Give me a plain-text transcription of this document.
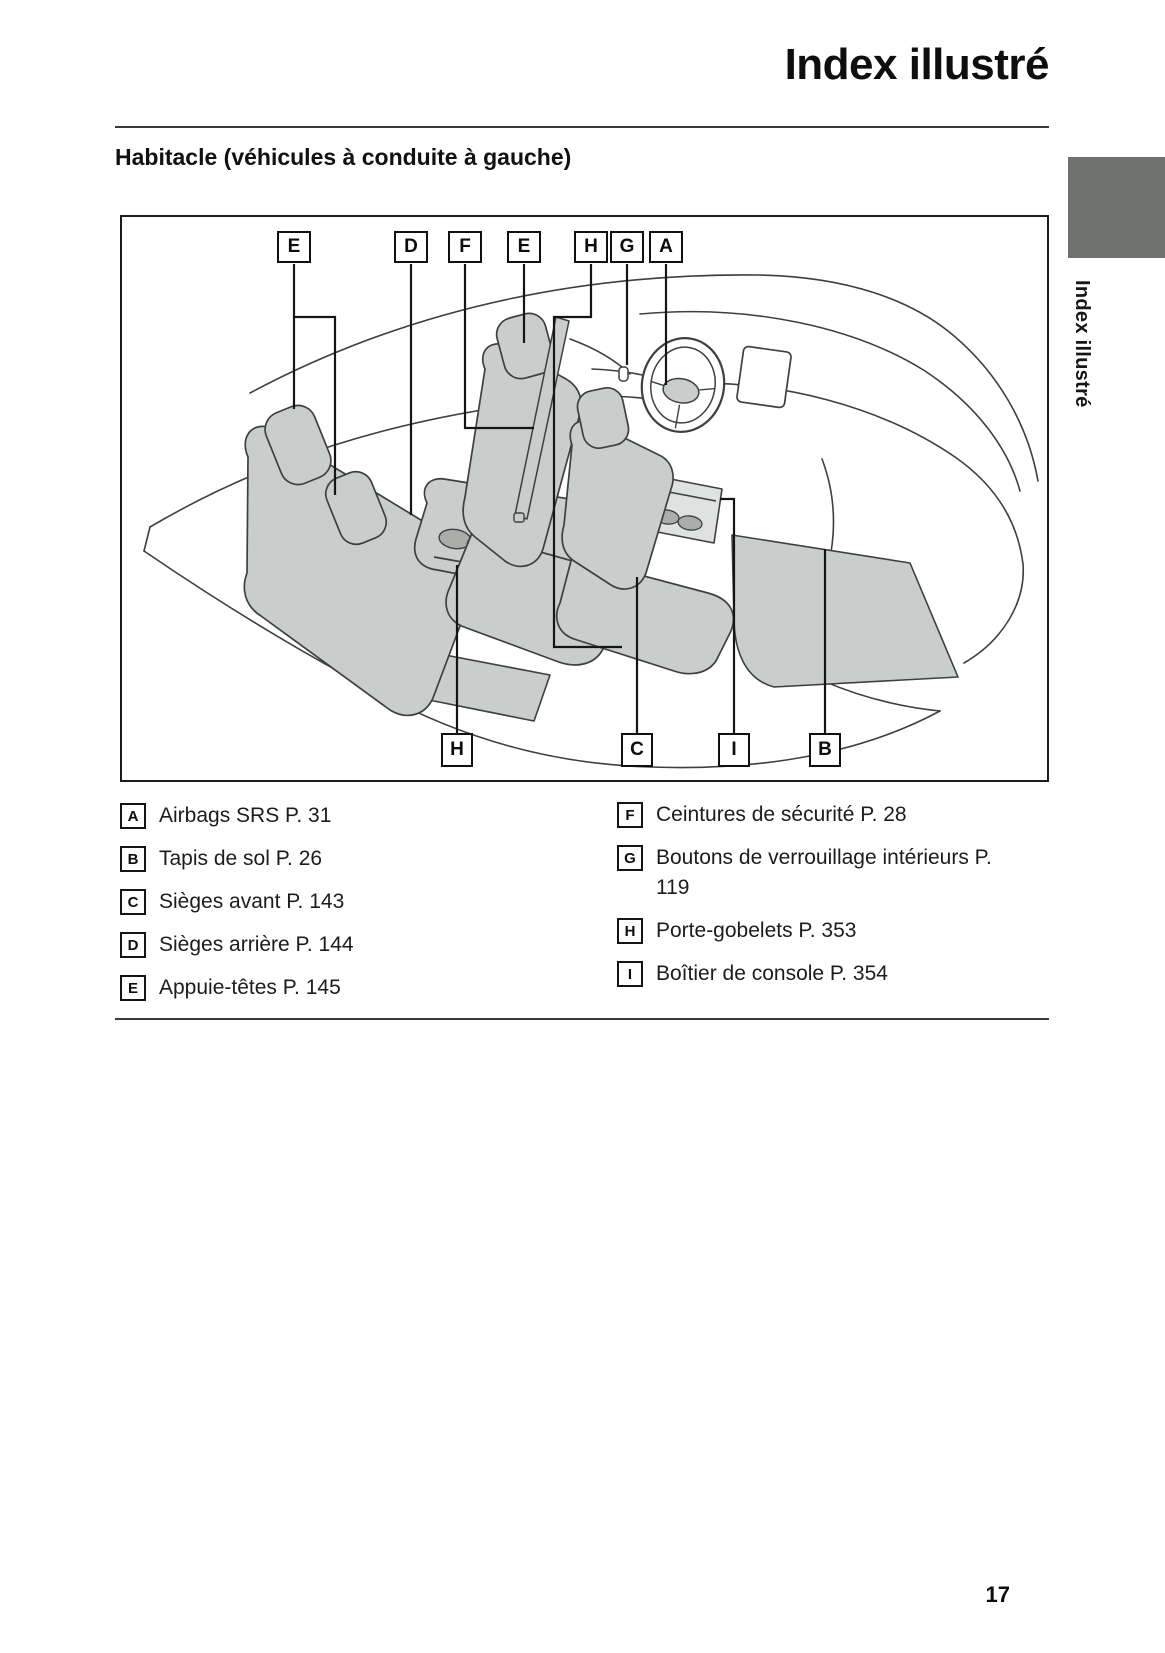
Index illustré
Habitacle (véhicules à conduite à gauche)
Index illustré
E	D	F	E	H	G	A
H	C	I	B
A Airbags SRS P. 31
B Tapis de sol P. 26
C Sièges avant P. 143
D Sièges arrière P. 144
E	Appuie-têtes P. 145
F	Ceintures de sécurité P. 28
G Boutons de verrouillage intérieurs P. 119
H Porte-gobelets P. 353
I	Boîtier de console P. 354
17
